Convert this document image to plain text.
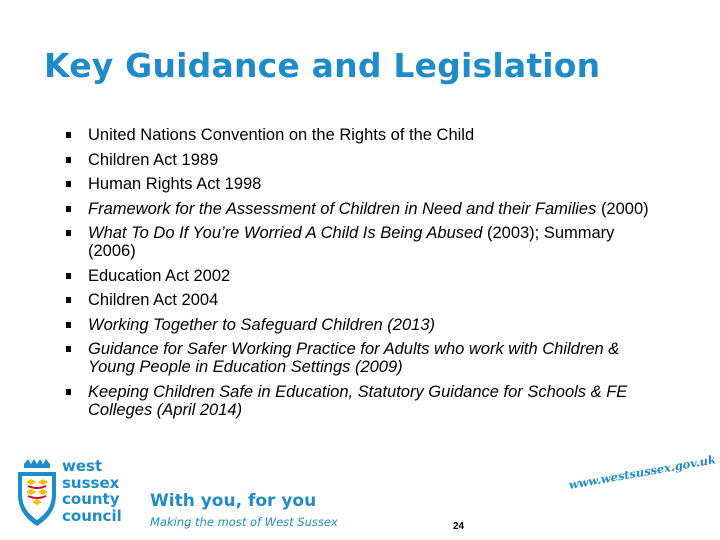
Key Guidance and Legislation
United Nations Convention on the Rights of the Child
Children Act 1989
Human Rights Act 1998
Framework for the Assessment of Children in Need and their Families (2000)
What To Do If You’re Worried A Child Is Being Abused (2003); Summary (2006)
Education Act 2002
Children Act 2004
Working Together to Safeguard Children (2013)
Guidance for Safer Working Practice for Adults who work with Children & Young People in Education Settings (2009)
Keeping Children Safe in Education, Statutory Guidance for Schools & FE Colleges (April 2014)
west
sussex
county
council
With you, for you
Making the most of West Sussex
www.westsussex.gov.uk
24
